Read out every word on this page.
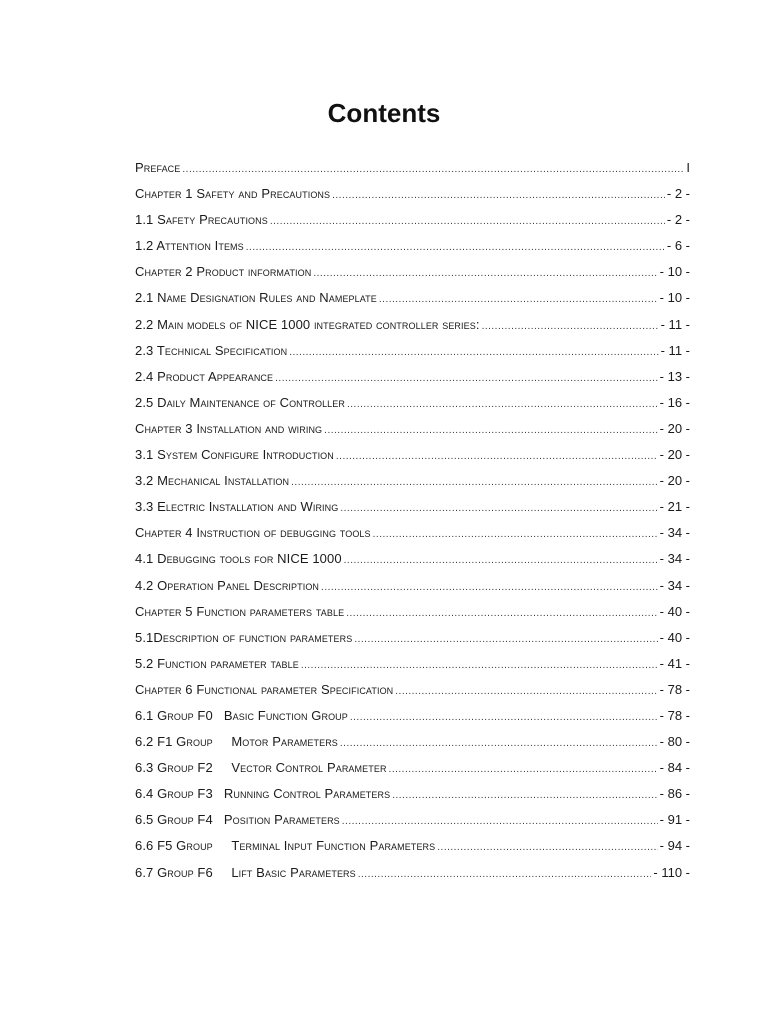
Contents
Preface .....	I
Chapter 1 Safety and Precautions .....	- 2 -
1.1 Safety Precautions .....	- 2 -
1.2 Attention Items .....	- 6 -
Chapter 2 Product information .....	- 10 -
2.1 Name Designation Rules and Nameplate .....	- 10 -
2.2 Main models of NICE 1000 integrated controller series: .....	- 11 -
2.3 Technical Specification .....	- 11 -
2.4 Product Appearance .....	- 13 -
2.5 Daily Maintenance of Controller .....	- 16 -
Chapter 3 Installation and wiring .....	- 20 -
3.1 System Configure Introduction .....	- 20 -
3.2 Mechanical Installation .....	- 20 -
3.3 Electric Installation and Wiring .....	- 21 -
Chapter 4 Instruction of debugging tools .....	- 34 -
4.1 Debugging tools for NICE 1000 .....	- 34 -
4.2 Operation Panel Description .....	- 34 -
Chapter 5 Function parameters table .....	- 40 -
5.1Description of function parameters .....	- 40 -
5.2 Function parameter table .....	- 41 -
Chapter 6 Functional parameter Specification .....	- 78 -
6.1 Group F0   Basic Function Group .....	- 78 -
6.2 F1 Group     Motor Parameters .....	- 80 -
6.3 Group F2     Vector Control Parameter .....	- 84 -
6.4 Group F3   Running Control Parameters .....	- 86 -
6.5 Group F4   Position Parameters .....	- 91 -
6.6 F5 Group     Terminal Input Function Parameters .....	- 94 -
6.7 Group F6     Lift Basic Parameters .....	- 110 -
